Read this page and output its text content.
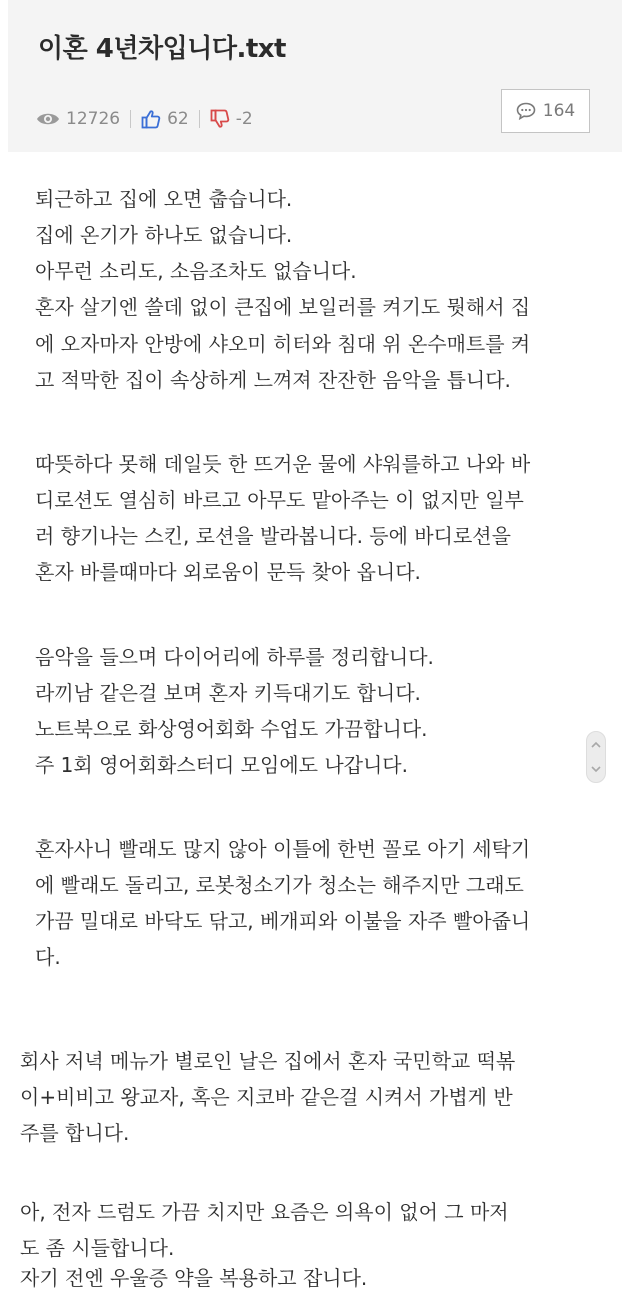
이혼 4년차입니다.txt
12726	62	-2	164
퇴근하고 집에 오면 춥습니다.
집에 온기가 하나도 없습니다.
아무런 소리도, 소음조차도 없습니다.
혼자 살기엔 쓸데 없이 큰집에 보일러를 켜기도 뭣해서 집
에 오자마자 안방에 샤오미 히터와 침대 위 온수매트를 켜
고 적막한 집이 속상하게 느껴져 잔잔한 음악을 틉니다.
따뜻하다 못해 데일듯 한 뜨거운 물에 샤워를하고 나와 바
디로션도 열심히 바르고 아무도 맡아주는 이 없지만 일부
러 향기나는 스킨, 로션을 발라봅니다. 등에 바디로션을
혼자 바를때마다 외로움이 문득 찾아 옵니다.
음악을 들으며 다이어리에 하루를 정리합니다.
라끼남 같은걸 보며 혼자 키득대기도 합니다.
노트북으로 화상영어회화 수업도 가끔합니다.
주 1회 영어회화스터디 모임에도 나갑니다.
혼자사니 빨래도 많지 않아 이틀에 한번 꼴로 아기 세탁기
에 빨래도 돌리고, 로봇청소기가 청소는 해주지만 그래도
가끔 밀대로 바닥도 닦고, 베개피와 이불을 자주 빨아줍니
다.
회사 저녁 메뉴가 별로인 날은 집에서 혼자 국민학교 떡볶
이+비비고 왕교자, 혹은 지코바 같은걸 시켜서 가볍게 반
주를 합니다.
아, 전자 드럼도 가끔 치지만 요즘은 의욕이 없어 그 마저
도 좀 시들합니다.
자기 전엔 우울증 약을 복용하고 잡니다.
